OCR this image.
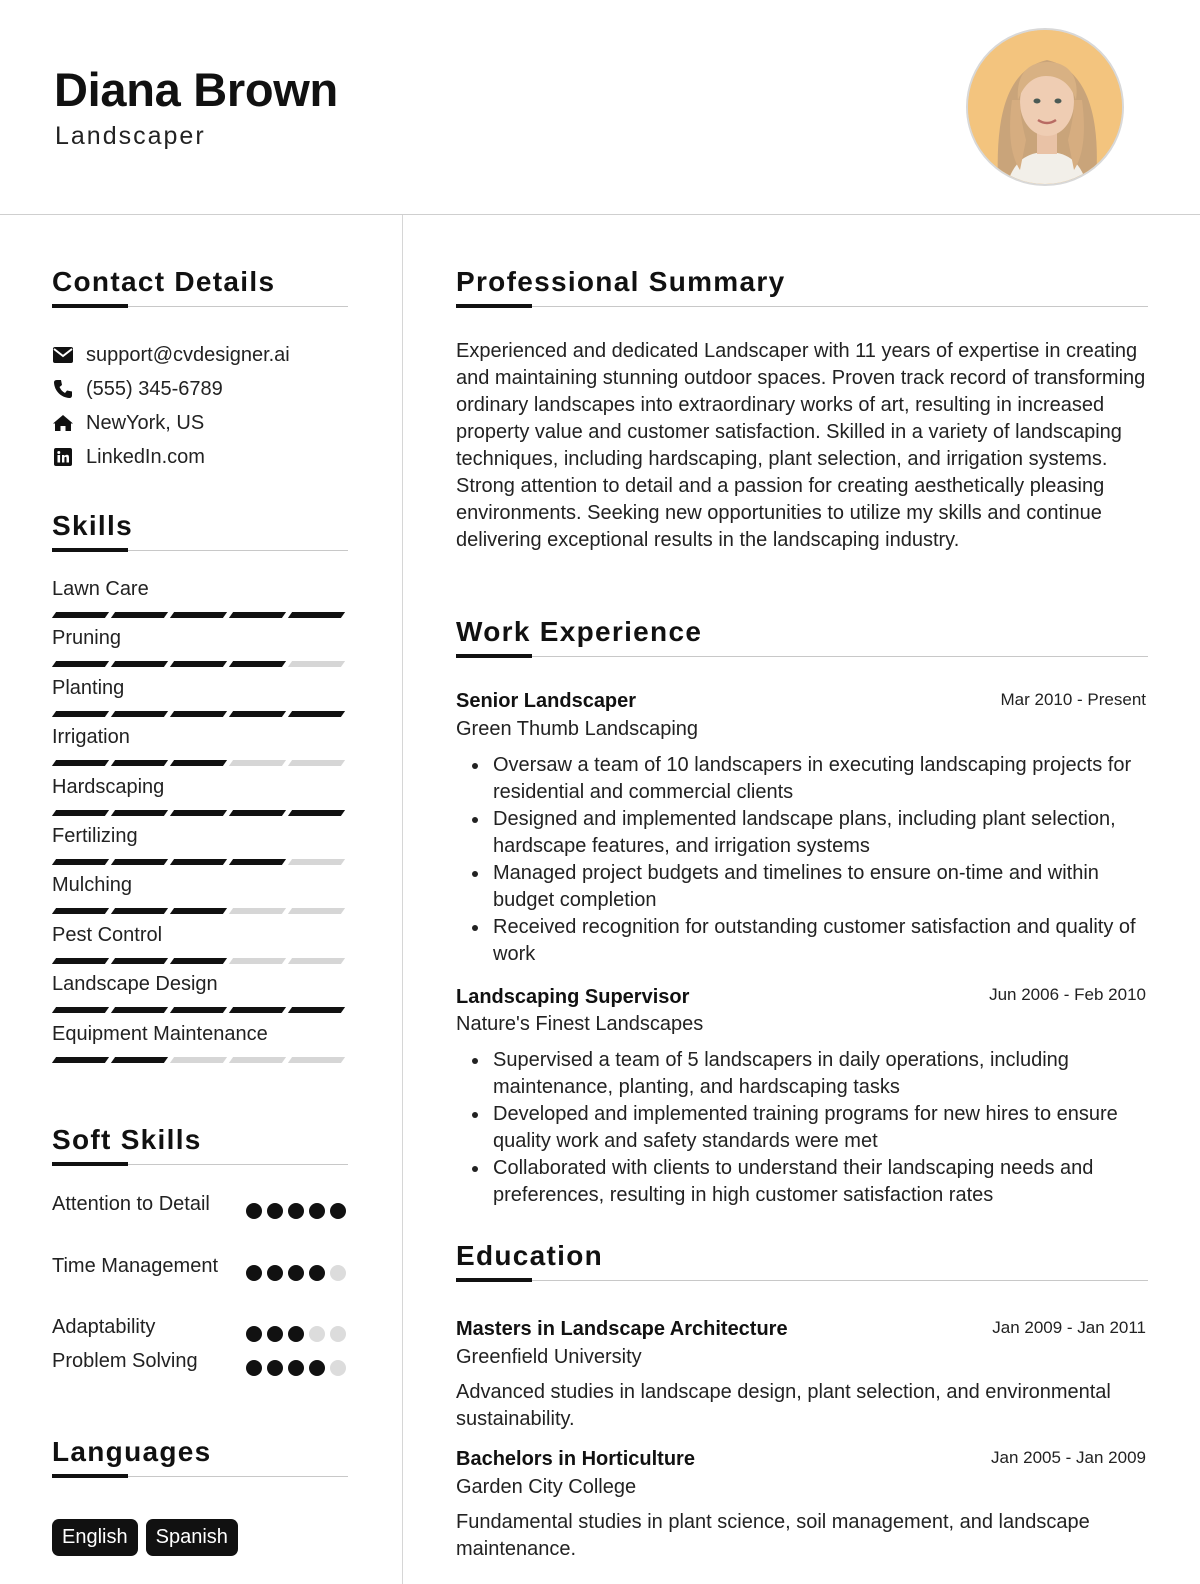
Diana Brown
Landscaper
Contact Details
support@cvdesigner.ai
(555) 345-6789
NewYork, US
LinkedIn.com
Skills
Lawn Care
Pruning
Planting
Irrigation
Hardscaping
Fertilizing
Mulching
Pest Control
Landscape Design
Equipment Maintenance
Soft Skills
Attention to Detail
Time Management
Adaptability
Problem Solving
Languages
English	Spanish
Professional Summary
Experienced and dedicated Landscaper with 11 years of expertise in creating and maintaining stunning outdoor spaces. Proven track record of transforming ordinary landscapes into extraordinary works of art, resulting in increased property value and customer satisfaction. Skilled in a variety of landscaping techniques, including hardscaping, plant selection, and irrigation systems. Strong attention to detail and a passion for creating aesthetically pleasing environments. Seeking new opportunities to utilize my skills and continue delivering exceptional results in the landscaping industry.
Work Experience
Senior Landscaper	Mar 2010 - Present
Green Thumb Landscaping
Oversaw a team of 10 landscapers in executing landscaping projects for residential and commercial clients
Designed and implemented landscape plans, including plant selection, hardscape features, and irrigation systems
Managed project budgets and timelines to ensure on-time and within budget completion
Received recognition for outstanding customer satisfaction and quality of work
Landscaping Supervisor	Jun 2006 - Feb 2010
Nature's Finest Landscapes
Supervised a team of 5 landscapers in daily operations, including maintenance, planting, and hardscaping tasks
Developed and implemented training programs for new hires to ensure quality work and safety standards were met
Collaborated with clients to understand their landscaping needs and preferences, resulting in high customer satisfaction rates
Education
Masters in Landscape Architecture	Jan 2009 - Jan 2011
Greenfield University
Advanced studies in landscape design, plant selection, and environmental sustainability.
Bachelors in Horticulture	Jan 2005 - Jan 2009
Garden City College
Fundamental studies in plant science, soil management, and landscape maintenance.
